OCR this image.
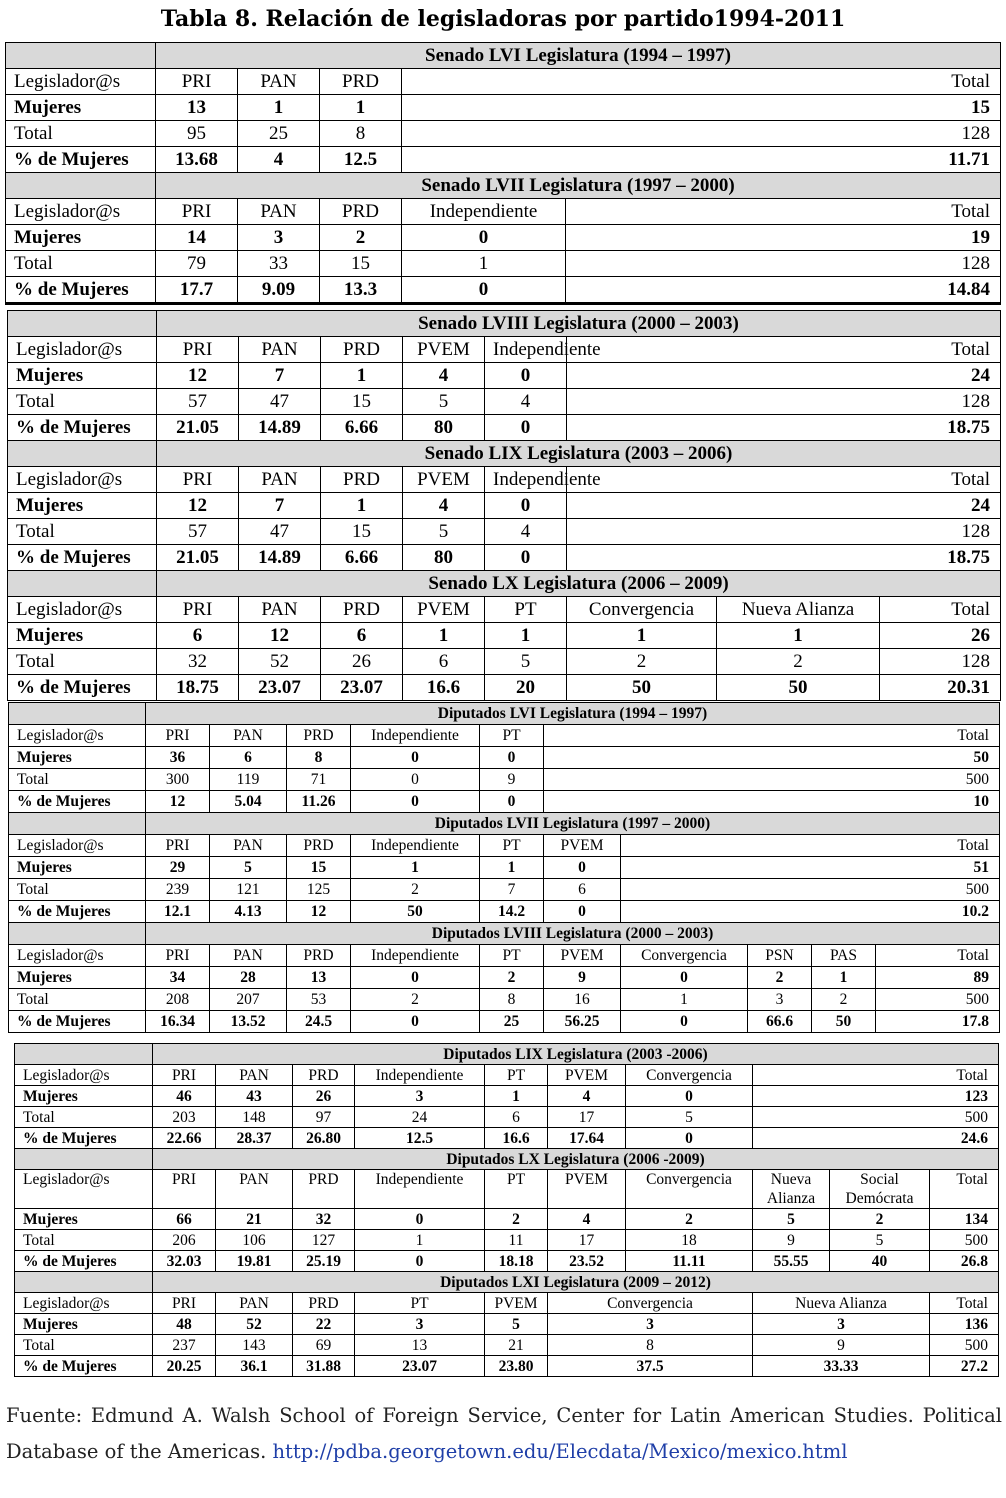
Tabla 8. Relación de legisladoras por partido1994-2011
	Senado LVI Legislatura (1994 – 1997)				
Legislador@s	PRI	PAN	PRD	Total	
Mujeres	13	1	1	15	
Total	95	25	8	128	
% de Mujeres	13.68	4	12.5	11.71	
	Senado LVII Legislatura (1997 – 2000)				
Legislador@s	PRI	PAN	PRD	Independiente	Total
Mujeres	14	3	2	0	19
Total	79	33	15	1	128
% de Mujeres	17.7	9.09	13.3	0	14.84
	Senado LVIII Legislatura (2000 – 2003)							
Legislador@s	PRI	PAN	PRD	PVEM	Independiente	Total		
Mujeres	12	7	1	4	0	24		
Total	57	47	15	5	4	128		
% de Mujeres	21.05	14.89	6.66	80	0	18.75		
	Senado LIX Legislatura (2003 – 2006)							
Legislador@s	PRI	PAN	PRD	PVEM	Independiente	Total		
Mujeres	12	7	1	4	0	24		
Total	57	47	15	5	4	128		
% de Mujeres	21.05	14.89	6.66	80	0	18.75		
	Senado LX Legislatura (2006 – 2009)							
Legislador@s	PRI	PAN	PRD	PVEM	PT	Convergencia	Nueva Alianza	Total
Mujeres	6	12	6	1	1	1	1	26
Total	32	52	26	6	5	2	2	128
% de Mujeres	18.75	23.07	23.07	16.6	20	50	50	20.31
	Diputados LVI Legislatura (1994 – 1997)									
Legislador@s	PRI	PAN	PRD	Independiente	PT	Total				
Mujeres	36	6	8	0	0	50				
Total	300	119	71	0	9	500				
% de Mujeres	12	5.04	11.26	0	0	10				
	Diputados LVII Legislatura (1997 – 2000)									
Legislador@s	PRI	PAN	PRD	Independiente	PT	PVEM	Total			
Mujeres	29	5	15	1	1	0	51			
Total	239	121	125	2	7	6	500			
% de Mujeres	12.1	4.13	12	50	14.2	0	10.2			
	Diputados LVIII Legislatura (2000 – 2003)									
Legislador@s	PRI	PAN	PRD	Independiente	PT	PVEM	Convergencia	PSN	PAS	Total
Mujeres	34	28	13	0	2	9	0	2	1	89
Total	208	207	53	2	8	16	1	3	2	500
% de Mujeres	16.34	13.52	24.5	0	25	56.25	0	66.6	50	17.8
	Diputados LIX Legislatura (2003 -2006)									
Legislador@s	PRI	PAN	PRD	Independiente	PT	PVEM	Convergencia	Total		
Mujeres	46	43	26	3	1	4	0	123		
Total	203	148	97	24	6	17	5	500		
% de Mujeres	22.66	28.37	26.80	12.5	16.6	17.64	0	24.6		
	Diputados LX Legislatura (2006 -2009)									
Legislador@s	PRI	PAN	PRD	Independiente	PT	PVEM	Convergencia	Nueva Alianza	Social Demócrata	Total
Mujeres	66	21	32	0	2	4	2	5	2	134
Total	206	106	127	1	11	17	18	9	5	500
% de Mujeres	32.03	19.81	25.19	0	18.18	23.52	11.11	55.55	40	26.8
	Diputados LXI Legislatura (2009 – 2012)									
Legislador@s	PRI	PAN	PRD	PT	PVEM	Convergencia		Nueva Alianza		Total
Mujeres	48	52	22	3	5	3		3		136
Total	237	143	69	13	21	8		9		500
% de Mujeres	20.25	36.1	31.88	23.07	23.80	37.5		33.33		27.2
Fuente: Edmund A. Walsh School of Foreign Service, Center for Latin American Studies. Political Database of the Americas. http://pdba.georgetown.edu/Elecdata/Mexico/mexico.html
